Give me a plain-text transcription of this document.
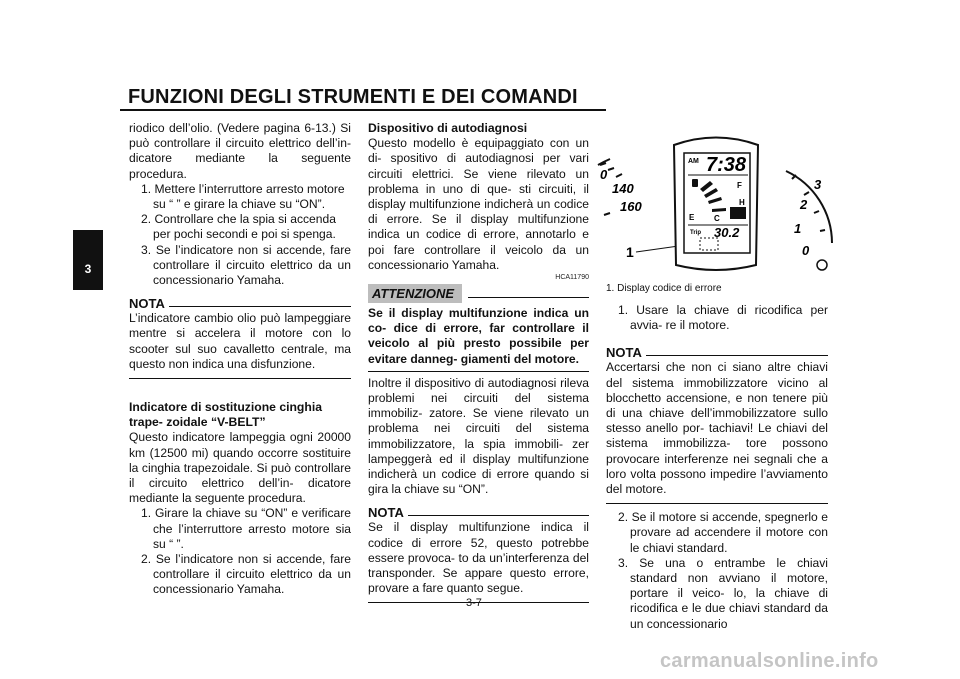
FUNZIONI DEGLI STRUMENTI E DEI COMANDI
3

riodico dell’olio. (Vedere pagina 6-13.) Si può controllare il circuito elettrico dell’in- dicatore mediante la seguente procedura.

1. Mettere l’interruttore arresto motore su “ ” e girare la chiave su “ON”.

2. Controllare che la spia si accenda per pochi secondi e poi si spenga.

3. Se l’indicatore non si accende, fare controllare il circuito elettrico da un concessionario Yamaha.

NOTA

L’indicatore cambio olio può lampeggiare mentre si accelera il motore con lo scooter sul suo cavalletto centrale, ma questo non indica una disfunzione.

Indicatore di sostituzione cinghia trape- zoidale “V-BELT”

Questo indicatore lampeggia ogni 20000 km (12500 mi) quando occorre sostituire la cinghia trapezoidale. Si può controllare il circuito elettrico dell’in- dicatore mediante la seguente procedura.

1. Girare la chiave su “ON” e verificare che l’interruttore arresto motore sia su “ ”.

2. Se l’indicatore non si accende, fare controllare il circuito elettrico da un concessionario Yamaha.

Dispositivo di autodiagnosi

Questo modello è equipaggiato con un di- spositivo di autodiagnosi per vari circuiti elettrici. Se viene rilevato un problema in uno di que- sti circuiti, il display multifunzione indicherà un codice di errore. Se il display multifunzione indica un codice di errore, annotarlo e poi fare controllare il veicolo da un concessionario Yamaha.

HCA11790
ATTENZIONE

Se il display multifunzione indica un co- dice di errore, far controllare il veicolo al più presto possibile per evitare danneg- giamenti del motore.

Inoltre il dispositivo di autodiagnosi rileva problemi nei circuiti del sistema immobiliz- zatore. Se viene rilevato un problema nei circuiti del sistema immobilizzatore, la spia immobili- zer lampeggerà ed il display multifunzione indicherà un codice di errore quando si gira la chiave su “ON”.

NOTA

Se il display multifunzione indica il codice di errore 52, questo potrebbe essere provoca- to da un’interferenza del transponder. Se appare questo errore, provare a fare quanto segue.

0
140
160
1
AM 7:38
F
H
E C
Trip 30.2
3
2
1
0
1. Display codice di errore

1. Usare la chiave di ricodifica per avvia- re il motore.

NOTA

Accertarsi che non ci siano altre chiavi del sistema immobilizzatore vicino al blocchetto accensione, e non tenere più di una chiave dell’immobilizzatore sullo stesso anello por- tachiavi! Le chiavi del sistema immobilizza- tore possono provocare interferenze nei segnali che a loro volta possono impedire l’avviamento del motore.

2. Se il motore si accende, spegnerlo e provare ad accendere il motore con le chiavi standard.

3. Se una o entrambe le chiavi standard non avviano il motore, portare il veico- lo, la chiave di ricodifica e le due chiavi standard da un concessionario

3-7
carmanualsonline.info
